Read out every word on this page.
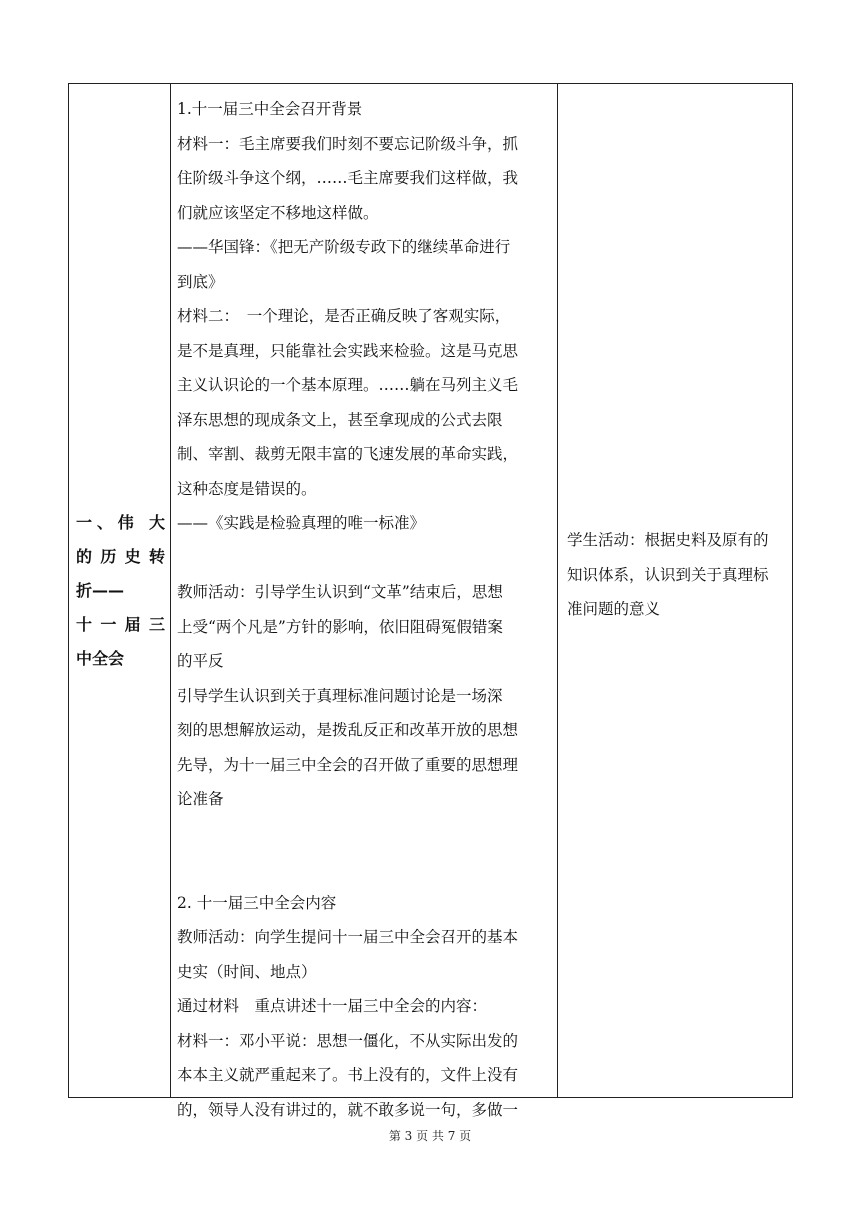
一、伟 大
的历史转
折——
十一届三
中全会
1.十一届三中全会召开背景
材料一：毛主席要我们时刻不要忘记阶级斗争，抓
住阶级斗争这个纲，……毛主席要我们这样做，我
们就应该坚定不移地这样做。
——华国锋：《把无产阶级专政下的继续革命进行
到底》
材料二：　一个理论，是否正确反映了客观实际，
是不是真理，只能靠社会实践来检验。这是马克思
主义认识论的一个基本原理。……躺在马列主义毛
泽东思想的现成条文上，甚至拿现成的公式去限
制、宰割、裁剪无限丰富的飞速发展的革命实践，
这种态度是错误的。
——《实践是检验真理的唯一标准》
教师活动：引导学生认识到“文革”结束后，思想
上受“两个凡是”方针的影响，依旧阻碍冤假错案
的平反
引导学生认识到关于真理标准问题讨论是一场深
刻的思想解放运动，是拨乱反正和改革开放的思想
先导，为十一届三中全会的召开做了重要的思想理
论准备
2. 十一届三中全会内容
教师活动：向学生提问十一届三中全会召开的基本
史实（时间、地点）
通过材料　重点讲述十一届三中全会的内容：
材料一：邓小平说：思想一僵化，不从实际出发的
本本主义就严重起来了。书上没有的，文件上没有
的，领导人没有讲过的，就不敢多说一句，多做一
学生活动：根据史料及原有的
知识体系，认识到关于真理标
准问题的意义
第 3 页 共 7 页
